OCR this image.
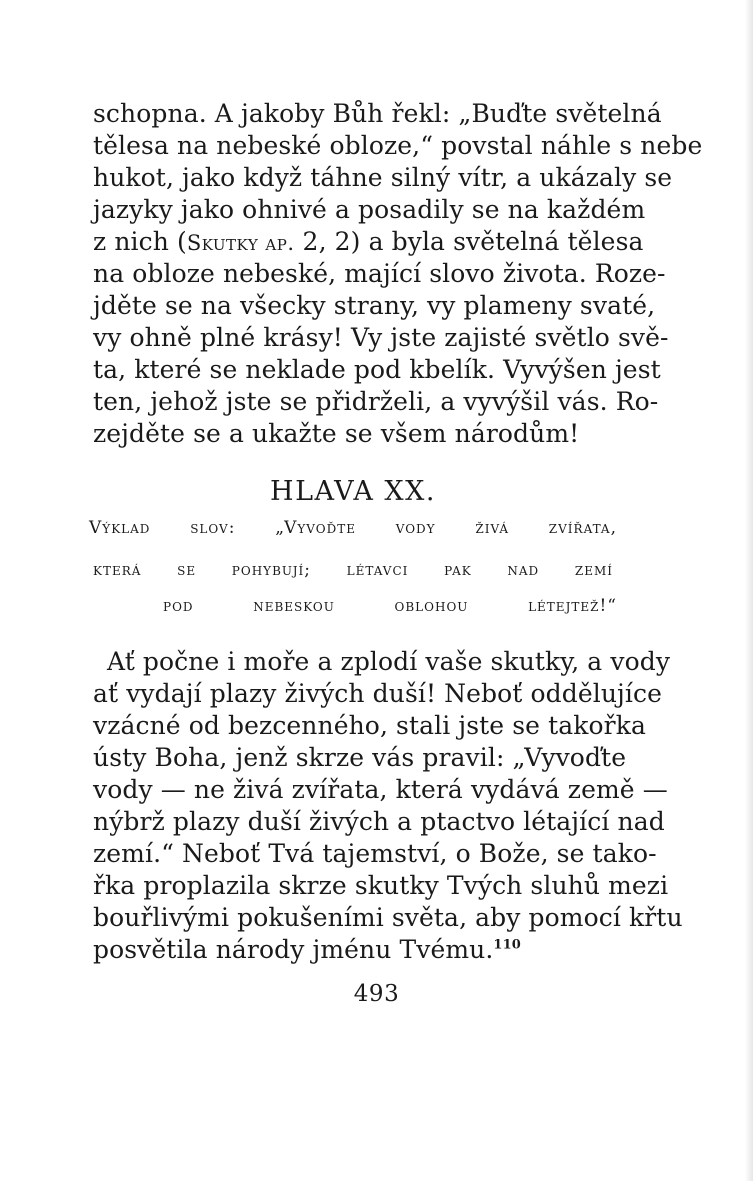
schopna. A jakoby Bůh řekl: „Buďte světelná
tělesa na nebeské obloze,“ povstal náhle s nebe
hukot, jako když táhne silný vítr, a ukázaly se
jazyky jako ohnivé a posadily se na každém
z nich (Skutky ap. 2, 2) a byla světelná tělesa
na obloze nebeské, mající slovo života. Roze-
jděte se na všecky strany, vy plameny svaté,
vy ohně plné krásy! Vy jste zajisté světlo svě-
ta, které se neklade pod kbelík. Vyvýšen jest
ten, jehož jste se přidrželi, a vyvýšil vás. Ro-
zejděte se a ukažte se všem národům!
HLAVA XX.
Výklad slov: „Vyvoďte vody živá zvířata,
která se pohybují; létavci pak nad zemí
pod nebeskou oblohou létejtež!“
Ať počne i moře a zplodí vaše skutky, a vody
ať vydají plazy živých duší! Neboť oddělujíce
vzácné od bezcenného, stali jste se takořka
ústy Boha, jenž skrze vás pravil: „Vyvoďte
vody — ne živá zvířata, která vydává země —
nýbrž plazy duší živých a ptactvo létající nad
zemí.“ Neboť Tvá tajemství, o Bože, se tako-
řka proplazila skrze skutky Tvých sluhů mezi
bouřlivými pokušeními světa, aby pomocí křtu
posvětila národy jménu Tvému.$^{110}$
493
